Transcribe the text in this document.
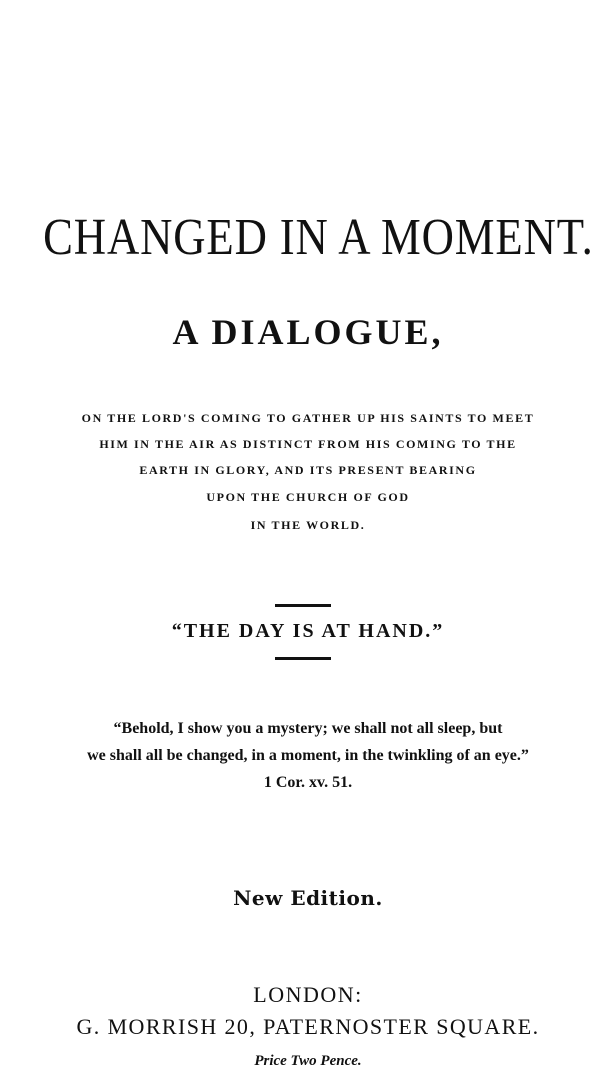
CHANGED IN A MOMENT.
A DIALOGUE,
ON THE LORD'S COMING TO GATHER UP HIS SAINTS TO MEET
HIM IN THE AIR AS DISTINCT FROM HIS COMING TO THE
EARTH IN GLORY, AND ITS PRESENT BEARING
UPON THE CHURCH OF GOD
IN THE WORLD.
“THE DAY IS AT HAND.”
“Behold, I show you a mystery; we shall not all sleep, but
we shall all be changed, in a moment, in the twinkling of an eye.”
1 Cor. xv. 51.
New Edition.
LONDON:
G. MORRISH 20, PATERNOSTER SQUARE.
Price Two Pence.
